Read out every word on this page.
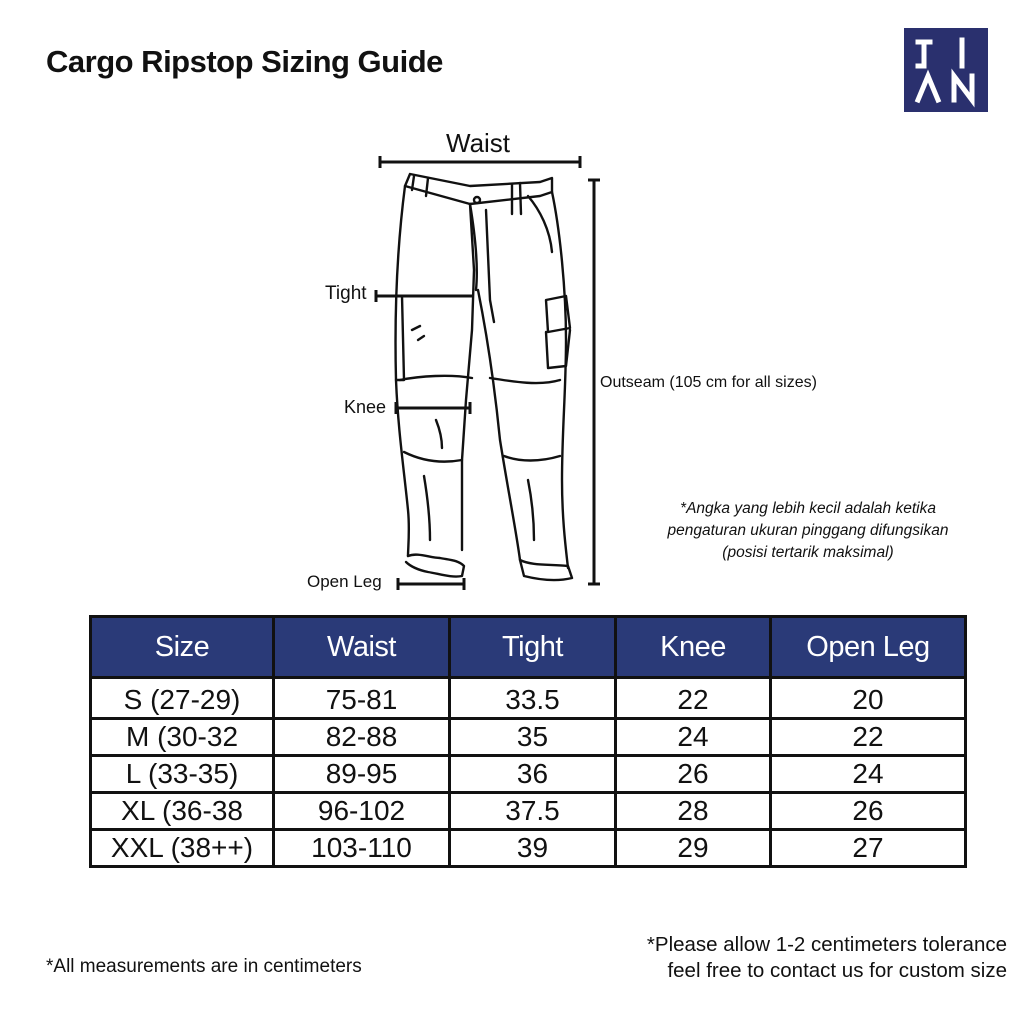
Cargo Ripstop Sizing Guide
Waist
Tight
Knee
Open Leg
Outseam (105 cm for all sizes)
*Angka yang lebih kecil adalah ketika
pengaturan ukuran pinggang difungsikan
(posisi tertarik maksimal)
Size	Waist	Tight	Knee	Open Leg
S (27-29)	75-81	33.5	22	20
M (30-32	82-88	35	24	22
L (33-35)	89-95	36	26	24
XL (36-38	96-102	37.5	28	26
XXL (38++)	103-110	39	29	27
*All measurements are in centimeters
*Please allow 1-2 centimeters tolerance
feel free to contact us for custom size
